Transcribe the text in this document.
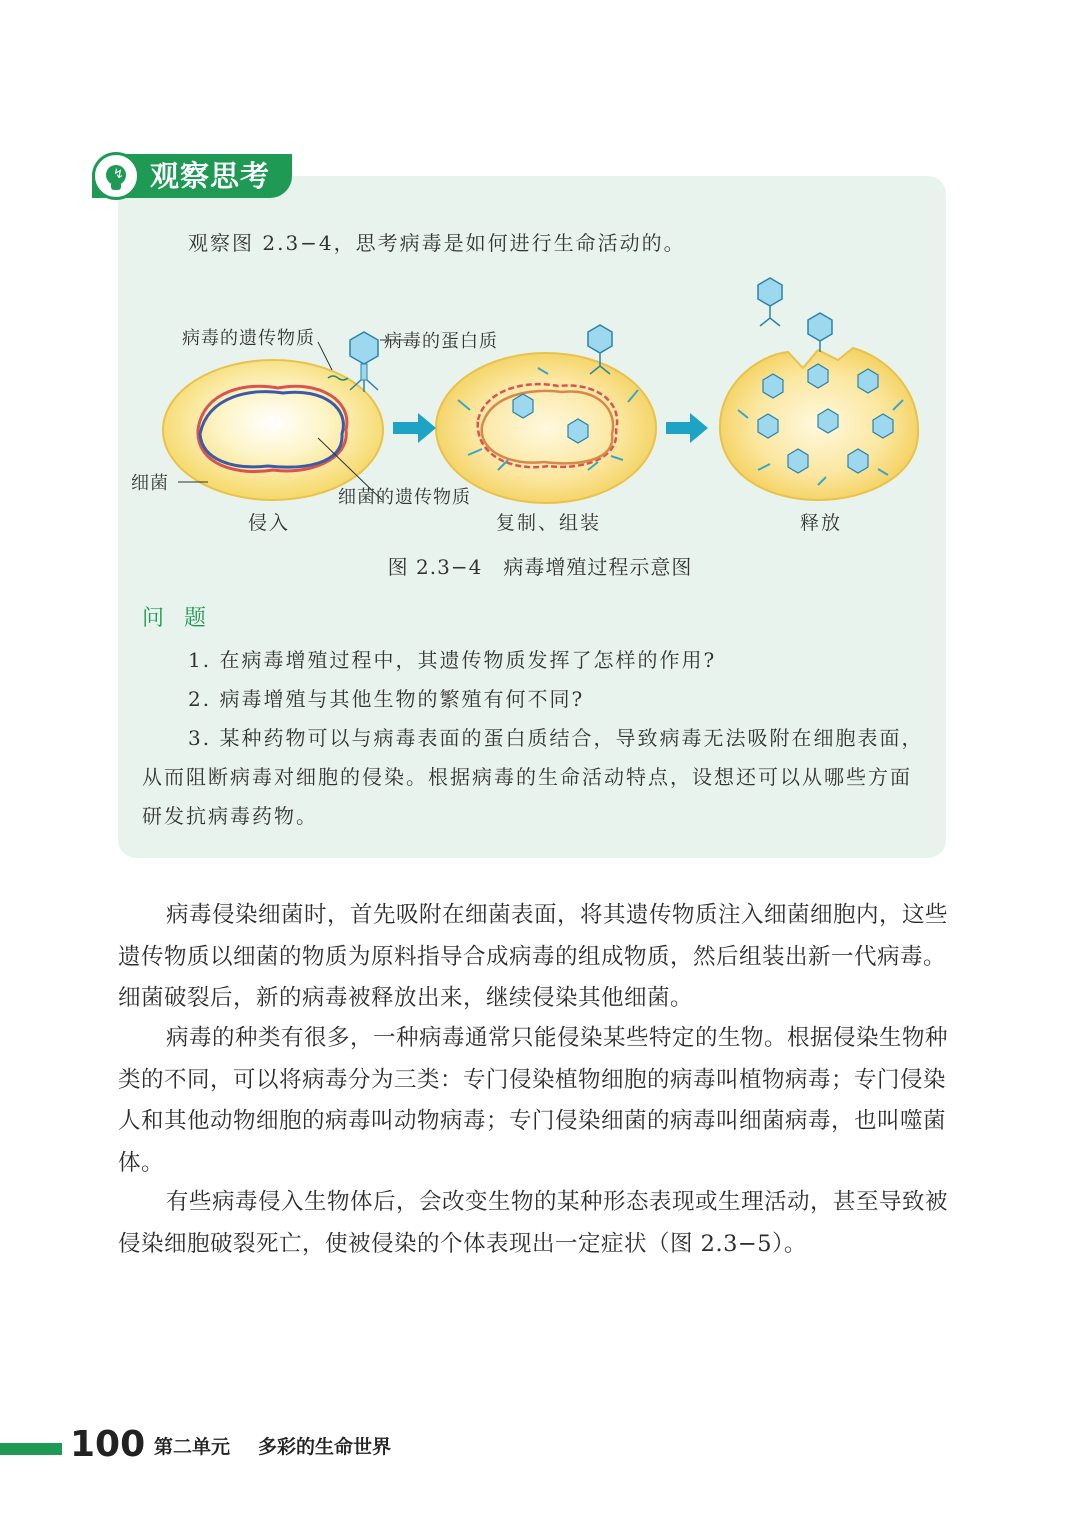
↯ 观察思考
观察图 2.3−4，思考病毒是如何进行生命活动的。
病毒的遗传物质	病毒的蛋白质
细菌
细菌的遗传物质
侵入	复制、组装	释放
图 2.3−4　病毒增殖过程示意图
问题

1. 在病毒增殖过程中，其遗传物质发挥了怎样的作用?

2. 病毒增殖与其他生物的繁殖有何不同?

3. 某种药物可以与病毒表面的蛋白质结合，导致病毒无法吸附在细胞表面，从而阻断病毒对细胞的侵染。根据病毒的生命活动特点，设想还可以从哪些方面研发抗病毒药物。

病毒侵染细菌时，首先吸附在细菌表面，将其遗传物质注入细菌细胞内，这些遗传物质以细菌的物质为原料指导合成病毒的组成物质，然后组装出新一代病毒。细菌破裂后，新的病毒被释放出来，继续侵染其他细菌。

病毒的种类有很多，一种病毒通常只能侵染某些特定的生物。根据侵染生物种类的不同，可以将病毒分为三类：专门侵染植物细胞的病毒叫植物病毒；专门侵染人和其他动物细胞的病毒叫动物病毒；专门侵染细菌的病毒叫细菌病毒，也叫噬菌体。

有些病毒侵入生物体后，会改变生物的某种形态表现或生理活动，甚至导致被侵染细胞破裂死亡，使被侵染的个体表现出一定症状（图 2.3−5）。

100 第二单元 多彩的生命世界
